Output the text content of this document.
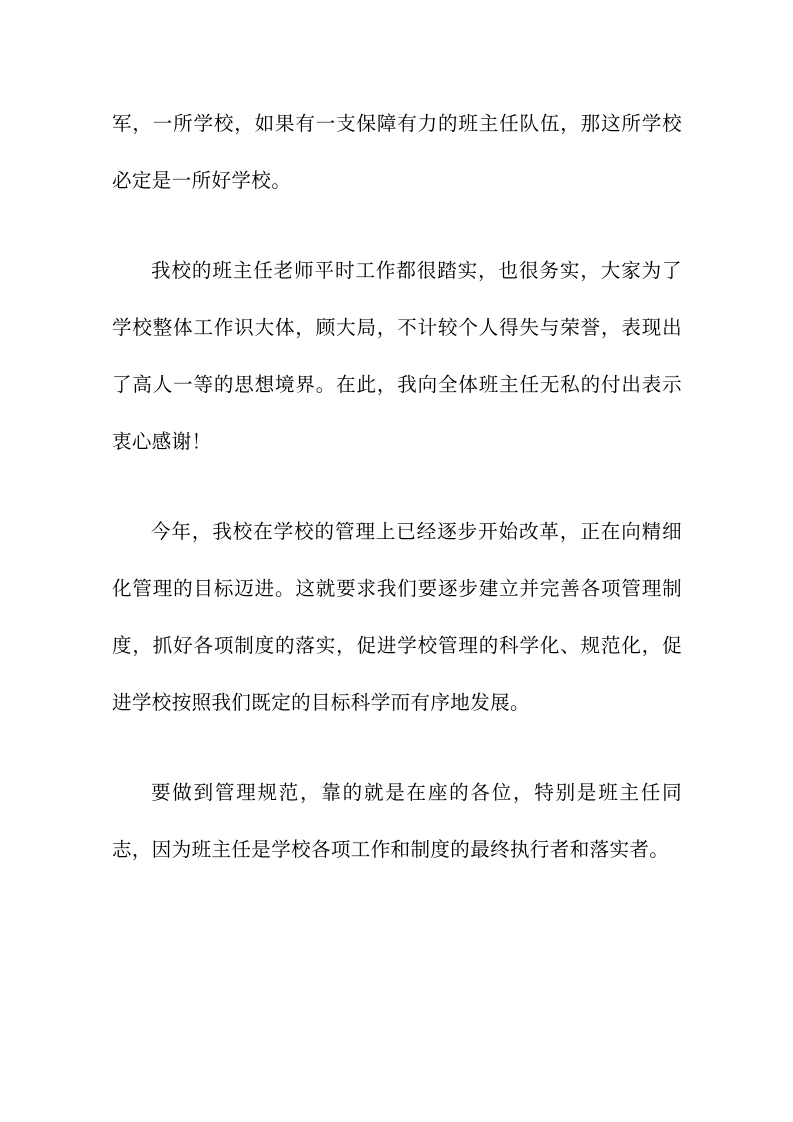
军，一所学校，如果有一支保障有力的班主任队伍，那这所学校必定是一所好学校。

我校的班主任老师平时工作都很踏实，也很务实，大家为了学校整体工作识大体，顾大局，不计较个人得失与荣誉，表现出了高人一等的思想境界。在此，我向全体班主任无私的付出表示衷心感谢！

今年，我校在学校的管理上已经逐步开始改革，正在向精细化管理的目标迈进。这就要求我们要逐步建立并完善各项管理制度，抓好各项制度的落实，促进学校管理的科学化、规范化，促进学校按照我们既定的目标科学而有序地发展。

要做到管理规范，靠的就是在座的各位，特别是班主任同志，因为班主任是学校各项工作和制度的最终执行者和落实者。
